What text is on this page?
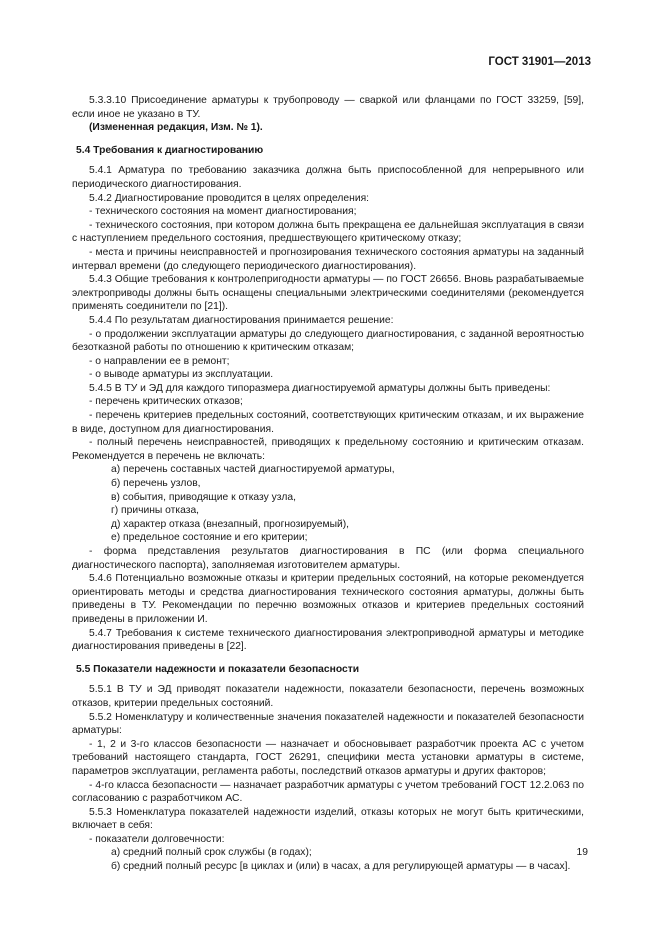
ГОСТ 31901—2013

5.3.3.10 Присоединение арматуры к трубопроводу — сваркой или фланцами по ГОСТ 33259, [59], если иное не указано в ТУ.

(Измененная редакция, Изм. № 1).

5.4 Требования к диагностированию

5.4.1 Арматура по требованию заказчика должна быть приспособленной для непрерывного или периодического диагностирования.

5.4.2 Диагностирование проводится в целях определения:

- технического состояния на момент диагностирования;

- технического состояния, при котором должна быть прекращена ее дальнейшая эксплуатация в связи с наступлением предельного состояния, предшествующего критическому отказу;

- места и причины неисправностей и прогнозирования технического состояния арматуры на заданный интервал времени (до следующего периодического диагностирования).

5.4.3 Общие требования к контролепригодности арматуры — по ГОСТ 26656. Вновь разрабатываемые электроприводы должны быть оснащены специальными электрическими соединителями (рекомендуется применять соединители по [21]).

5.4.4 По результатам диагностирования принимается решение:

- о продолжении эксплуатации арматуры до следующего диагностирования, с заданной вероятностью безотказной работы по отношению к критическим отказам;

- о направлении ее в ремонт;

- о выводе арматуры из эксплуатации.

5.4.5 В ТУ и ЭД для каждого типоразмера диагностируемой арматуры должны быть приведены:

- перечень критических отказов;

- перечень критериев предельных состояний, соответствующих критическим отказам, и их выражение в виде, доступном для диагностирования.

- полный перечень неисправностей, приводящих к предельному состоянию и критическим отказам. Рекомендуется в перечень не включать:

а) перечень составных частей диагностируемой арматуры,

б) перечень узлов,

в) события, приводящие к отказу узла,

г) причины отказа,

д) характер отказа (внезапный, прогнозируемый),

е) предельное состояние и его критерии;

- форма представления результатов диагностирования в ПС (или форма специального диагностического паспорта), заполняемая изготовителем арматуры.

5.4.6 Потенциально возможные отказы и критерии предельных состояний, на которые рекомендуется ориентировать методы и средства диагностирования технического состояния арматуры, должны быть приведены в ТУ. Рекомендации по перечню возможных отказов и критериев предельных состояний приведены в приложении И.

5.4.7 Требования к системе технического диагностирования электроприводной арматуры и методике диагностирования приведены в [22].

5.5 Показатели надежности и показатели безопасности

5.5.1 В ТУ и ЭД приводят показатели надежности, показатели безопасности, перечень возможных отказов, критерии предельных состояний.

5.5.2 Номенклатуру и количественные значения показателей надежности и показателей безопасности арматуры:

- 1, 2 и 3-го классов безопасности — назначает и обосновывает разработчик проекта АС с учетом требований настоящего стандарта, ГОСТ 26291, специфики места установки арматуры в системе, параметров эксплуатации, регламента работы, последствий отказов арматуры и других факторов;

- 4-го класса безопасности — назначает разработчик арматуры с учетом требований ГОСТ 12.2.063 по согласованию с разработчиком АС.

5.5.3 Номенклатура показателей надежности изделий, отказы которых не могут быть критическими, включает в себя:

- показатели долговечности:

а) средний полный срок службы (в годах);

б) средний полный ресурс [в циклах и (или) в часах, а для регулирующей арматуры — в часах].

19
